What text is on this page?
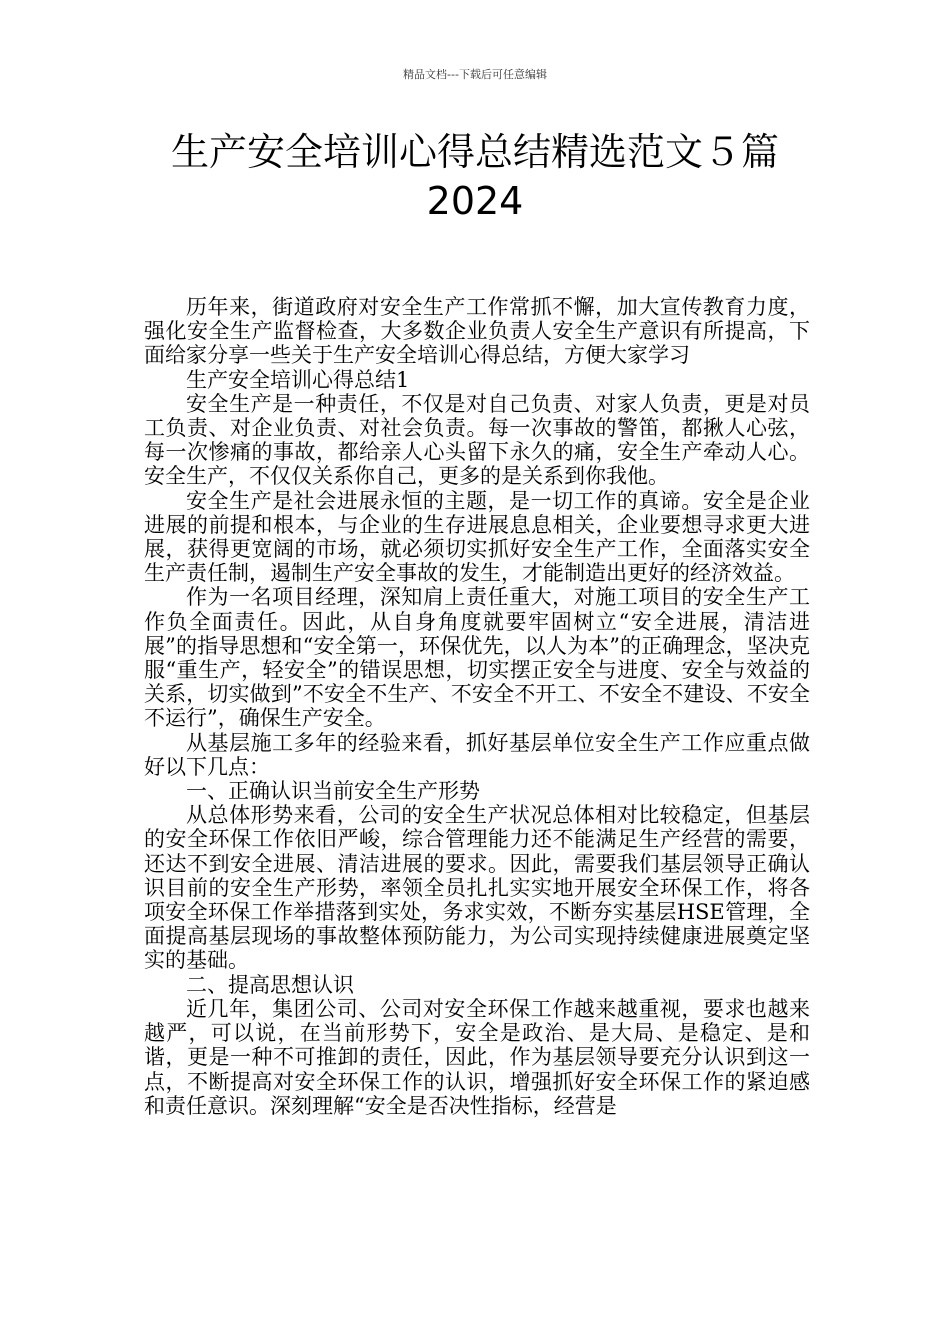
精品文档---下载后可任意编辑
生产安全培训心得总结精选范文５篇
2024

历年来，街道政府对安全生产工作常抓不懈，加大宣传教育力度，强化安全生产监督检查，大多数企业负责人安全生产意识有所提高，下面给家分享一些关于生产安全培训心得总结，方便大家学习

生产安全培训心得总结1

安全生产是一种责任，不仅是对自己负责、对家人负责，更是对员工负责、对企业负责、对社会负责。每一次事故的警笛，都揪人心弦，每一次惨痛的事故，都给亲人心头留下永久的痛，安全生产牵动人心。安全生产，不仅仅关系你自己，更多的是关系到你我他。

安全生产是社会进展永恒的主题，是一切工作的真谛。安全是企业进展的前提和根本，与企业的生存进展息息相关，企业要想寻求更大进展，获得更宽阔的市场，就必须切实抓好安全生产工作，全面落实安全生产责任制，遏制生产安全事故的发生，才能制造出更好的经济效益。

作为一名项目经理，深知肩上责任重大，对施工项目的安全生产工作负全面责任。因此，从自身角度就要牢固树立“安全进展，清洁进展”的指导思想和“安全第一，环保优先，以人为本”的正确理念，坚决克服“重生产，轻安全”的错误思想，切实摆正安全与进度、安全与效益的关系，切实做到”不安全不生产、不安全不开工、不安全不建设、不安全不运行”，确保生产安全。

从基层施工多年的经验来看，抓好基层单位安全生产工作应重点做好以下几点：

一、正确认识当前安全生产形势

从总体形势来看，公司的安全生产状况总体相对比较稳定，但基层的安全环保工作依旧严峻，综合管理能力还不能满足生产经营的需要，还达不到安全进展、清洁进展的要求。因此，需要我们基层领导正确认识目前的安全生产形势，率领全员扎扎实实地开展安全环保工作，将各项安全环保工作举措落到实处，务求实效，不断夯实基层HSE管理，全面提高基层现场的事故整体预防能力，为公司实现持续健康进展奠定坚实的基础。

二、提高思想认识

近几年，集团公司、公司对安全环保工作越来越重视，要求也越来越严，可以说，在当前形势下，安全是政治、是大局、是稳定、是和谐，更是一种不可推卸的责任，因此，作为基层领导要充分认识到这一点，不断提高对安全环保工作的认识，增强抓好安全环保工作的紧迫感和责任意识。深刻理解“安全是否决性指标，经营是
